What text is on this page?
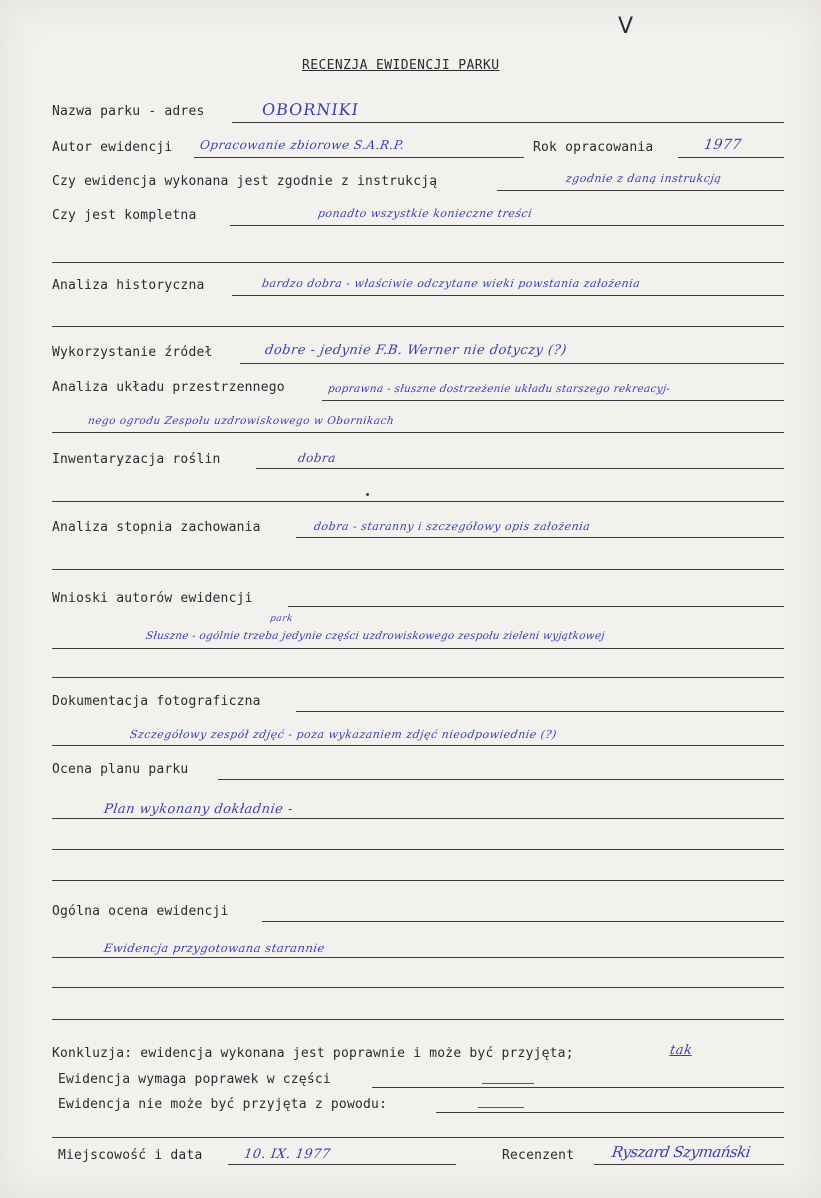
V
RECENZJA EWIDENCJI PARKU
Nazwa parku - adres	OBORNIKI
Autor ewidencji Opracowanie zbiorowe S.A.R.P.	Rok opracowania	1977
Czy ewidencja wykonana jest zgodnie z instrukcją	zgodnie z daną instrukcją
Czy jest kompletna	ponadto wszystkie konieczne treści
Analiza historyczna	bardzo dobra - właściwie odczytane wieki powstania założenia
Wykorzystanie źródeł	dobre - jedynie F.B. Werner nie dotyczy (?)
Analiza układu przestrzennego	poprawna - słuszne dostrzeżenie układu starszego rekreacyj-
nego ogrodu Zespołu uzdrowiskowego w Obornikach
Inwentaryzacja roślin	dobra
Analiza stopnia zachowania	dobra - staranny i szczegółowy opis założenia
Wnioski autorów ewidencji
park
Słuszne - ogólnie trzeba jedynie części uzdrowiskowego zespołu zieleni wyjątkowej
Dokumentacja fotograficzna
Szczegółowy zespół zdjęć - poza wykazaniem zdjęć nieodpowiednie (?)
Ocena planu parku
Plan wykonany dokładnie -
Ogólna ocena ewidencji
Ewidencja przygotowana starannie
Konkluzja: ewidencja wykonana jest poprawnie i może być przyjęta;	tak
Ewidencja wymaga poprawek w części
Ewidencja nie może być przyjęta z powodu:
Miejscowość i data	10. IX. 1977	Recenzent Ryszard Szymański
